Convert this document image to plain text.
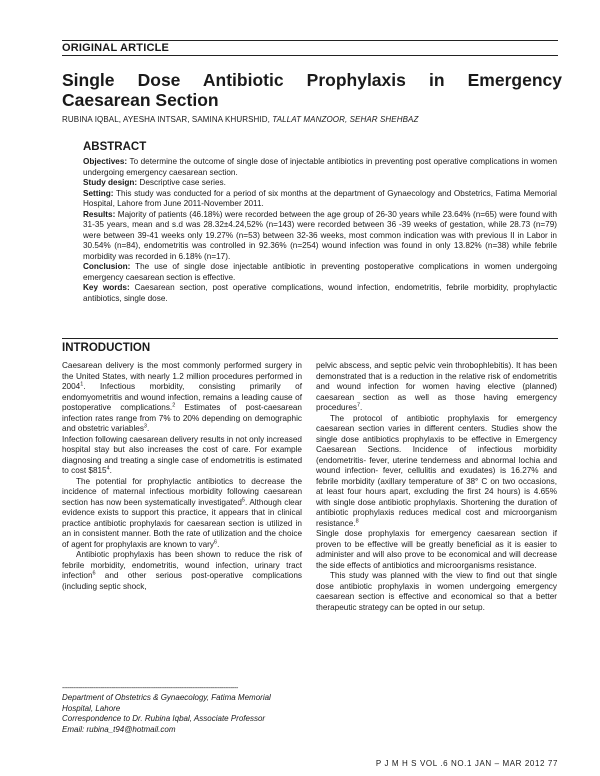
ORIGINAL ARTICLE
Single Dose Antibiotic Prophylaxis in Emergency Caesarean Section
RUBINA IQBAL, AYESHA INTSAR, SAMINA KHURSHID, TALLAT MANZOOR, SEHAR SHEHBAZ
ABSTRACT

Objectives: To determine the outcome of single dose of injectable antibiotics in preventing post operative complications in women undergoing emergency caesarean section.

Study design: Descriptive case series.

Setting: This study was conducted for a period of six months at the department of Gynaecology and Obstetrics, Fatima Memorial Hospital, Lahore from June 2011-November 2011.

Results: Majority of patients (46.18%) were recorded between the age group of 26-30 years while 23.64% (n=65) were found with 31-35 years, mean and s.d was 28.32±4.24,52% (n=143) were recorded between 36 -39 weeks of gestation, while 28.73 (n=79) were between 39-41 weeks only 19.27% (n=53) between 32-36 weeks, most common indication was with previous II in Labor in 30.54% (n=84), endometritis was controlled in 92.36% (n=254) wound infection was found in only 13.82% (n=38) while febrile morbidity was recorded in 6.18% (n=17).

Conclusion: The use of single dose injectable antibiotic in preventing postoperative complications in women undergoing emergency caesarean section is effective.

Key words: Caesarean section, post operative complications, wound infection, endometritis, febrile morbidity, prophylactic antibiotics, single dose.

INTRODUCTION

Caesarean delivery is the most commonly performed surgery in the United States, with nearly 1.2 million procedures performed in 2004$^1$. Infectious morbidity, consisting primarily of endomyometritis and wound infection, remains a leading cause of postoperative complications.$^2$ Estimates of post-caesarean infection rates range from 7% to 20% depending on demographic and obstetric variables$^3$.

Infection following caesarean delivery results in not only increased hospital stay but also increases the cost of care. For example diagnosing and treating a single case of endometritis is estimated to cost $\$815^4$.

The potential for prophylactic antibiotics to decrease the incidence of maternal infectious morbidity following caesarean section has now been systematically investigated$^5$. Although clear evidence exists to support this practice, it appears that in clinical practice antibiotic prophylaxis for caesarean section is utilized in an in consistent manner. Both the rate of utilization and the choice of agent for prophylaxis are known to vary$^6$.

Antibiotic prophylaxis has been shown to reduce the risk of febrile morbidity, endometritis, wound infection, urinary tract infection$^6$ and other serious post-operative complications (including septic shock,

------------------------------------------------------------------------------------------------

Department of Obstetrics & Gynaecology, Fatima Memorial Hospital, Lahore

Correspondence to Dr. Rubina Iqbal, Associate Professor

Email: rubina_t94@hotmail.com

pelvic abscess, and septic pelvic vein throbophlebitis). It has been demonstrated that is a reduction in the relative risk of endometritis and wound infection for women having elective (planned) caesarean section as well as those having emergency procedures$^7$.

The protocol of antibiotic prophylaxis for emergency caesarean section varies in different centers. Studies show the single dose antibiotics prophylaxis to be effective in Emergency Caesarean Sections. Incidence of infectious morbidity (endometritis- fever, uterine tenderness and abnormal lochia and wound infection- fever, cellulitis and exudates) is 16.27% and febrile morbidity (axillary temperature of 38° C on two occasions, at least four hours apart, excluding the first 24 hours) is 4.65% with single dose antibiotic prophylaxis. Shortening the duration of antibiotic prophylaxis reduces medical cost and microorganism resistance.$^8$

Single dose prophylaxis for emergency caesarean section if proven to be effective will be greatly beneficial as it is easier to administer and will also prove to be economical and will decrease the side effects of antibiotics and microorganisms resistance.

This study was planned with the view to find out that single dose antibiotic prophylaxis in women undergoing emergency caesarean section is effective and economical so that a better therapeutic strategy can be opted in our setup.

P J M H S VOL .6 NO.1 JAN – MAR 2012 77
